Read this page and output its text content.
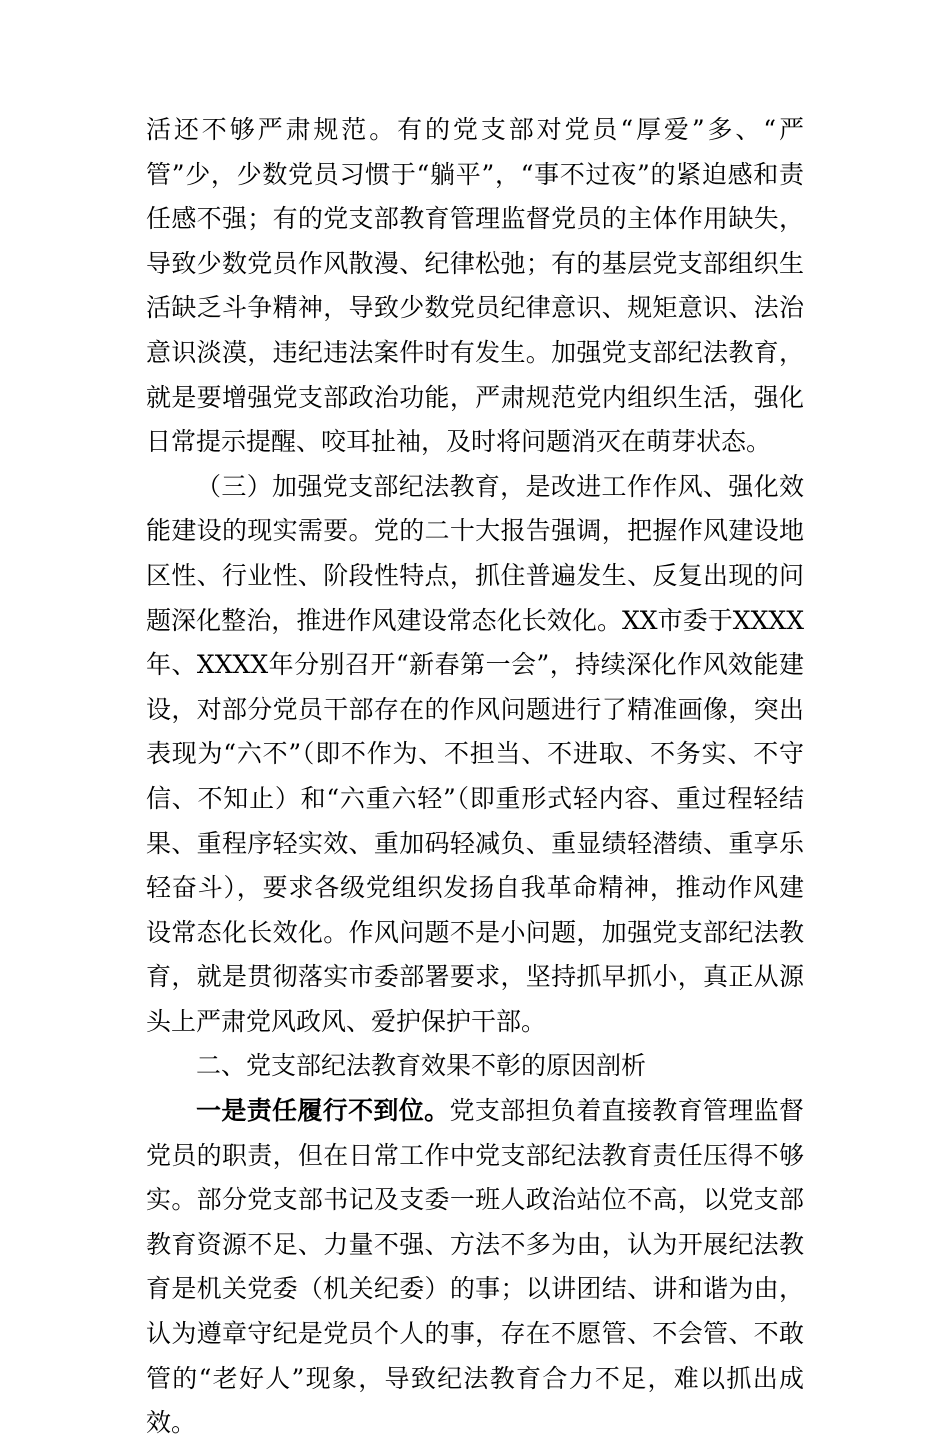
活还不够严肃规范。有的党支部对党员“厚爱”多、“严管”少，少数党员习惯于“躺平”，“事不过夜”的紧迫感和责任感不强；有的党支部教育管理监督党员的主体作用缺失，导致少数党员作风散漫、纪律松弛；有的基层党支部组织生活缺乏斗争精神，导致少数党员纪律意识、规矩意识、法治意识淡漠，违纪违法案件时有发生。加强党支部纪法教育，就是要增强党支部政治功能，严肃规范党内组织生活，强化日常提示提醒、咬耳扯袖，及时将问题消灭在萌芽状态。

（三）加强党支部纪法教育，是改进工作作风、强化效能建设的现实需要。党的二十大报告强调，把握作风建设地区性、行业性、阶段性特点，抓住普遍发生、反复出现的问题深化整治，推进作风建设常态化长效化。XX市委于XXXX年、XXXX年分别召开“新春第一会”，持续深化作风效能建设，对部分党员干部存在的作风问题进行了精准画像，突出表现为“六不”（即不作为、不担当、不进取、不务实、不守信、不知止）和“六重六轻”（即重形式轻内容、重过程轻结果、重程序轻实效、重加码轻减负、重显绩轻潜绩、重享乐轻奋斗），要求各级党组织发扬自我革命精神，推动作风建设常态化长效化。作风问题不是小问题，加强党支部纪法教育，就是贯彻落实市委部署要求，坚持抓早抓小，真正从源头上严肃党风政风、爱护保护干部。

二、党支部纪法教育效果不彰的原因剖析

一是责任履行不到位。党支部担负着直接教育管理监督党员的职责，但在日常工作中党支部纪法教育责任压得不够实。部分党支部书记及支委一班人政治站位不高，以党支部教育资源不足、力量不强、方法不多为由，认为开展纪法教育是机关党委（机关纪委）的事；以讲团结、讲和谐为由，认为遵章守纪是党员个人的事，存在不愿管、不会管、不敢管的“老好人”现象，导致纪法教育合力不足，难以抓出成效。
